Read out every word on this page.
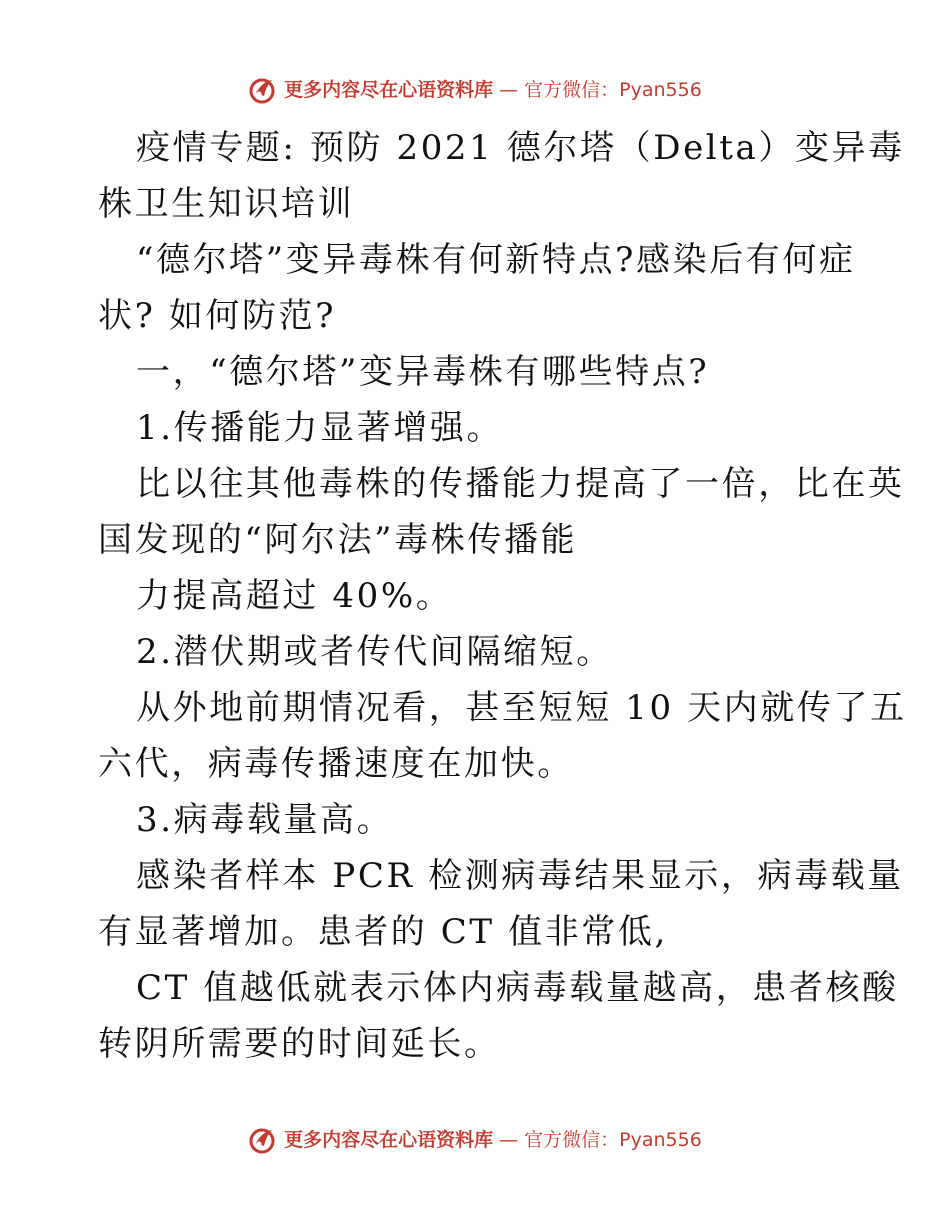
更多内容尽在心语资料库 — 官方微信：Pyan556

疫情专题: 预防 2021 德尔塔（Delta）变异毒

株卫生知识培训

“德尔塔”变异毒株有何新特点?感染后有何症

状? 如何防范?

一，“德尔塔”变异毒株有哪些特点?

1.传播能力显著增强。

比以往其他毒株的传播能力提高了一倍，比在英

国发现的“阿尔法”毒株传播能

力提高超过 40%。

2.潜伏期或者传代间隔缩短。

从外地前期情况看，甚至短短 10 天内就传了五

六代，病毒传播速度在加快。

3.病毒载量高。

感染者样本 PCR 检测病毒结果显示，病毒载量

有显著增加。患者的 CT 值非常低,

CT 值越低就表示体内病毒载量越高，患者核酸

转阴所需要的时间延长。

更多内容尽在心语资料库 — 官方微信：Pyan556
